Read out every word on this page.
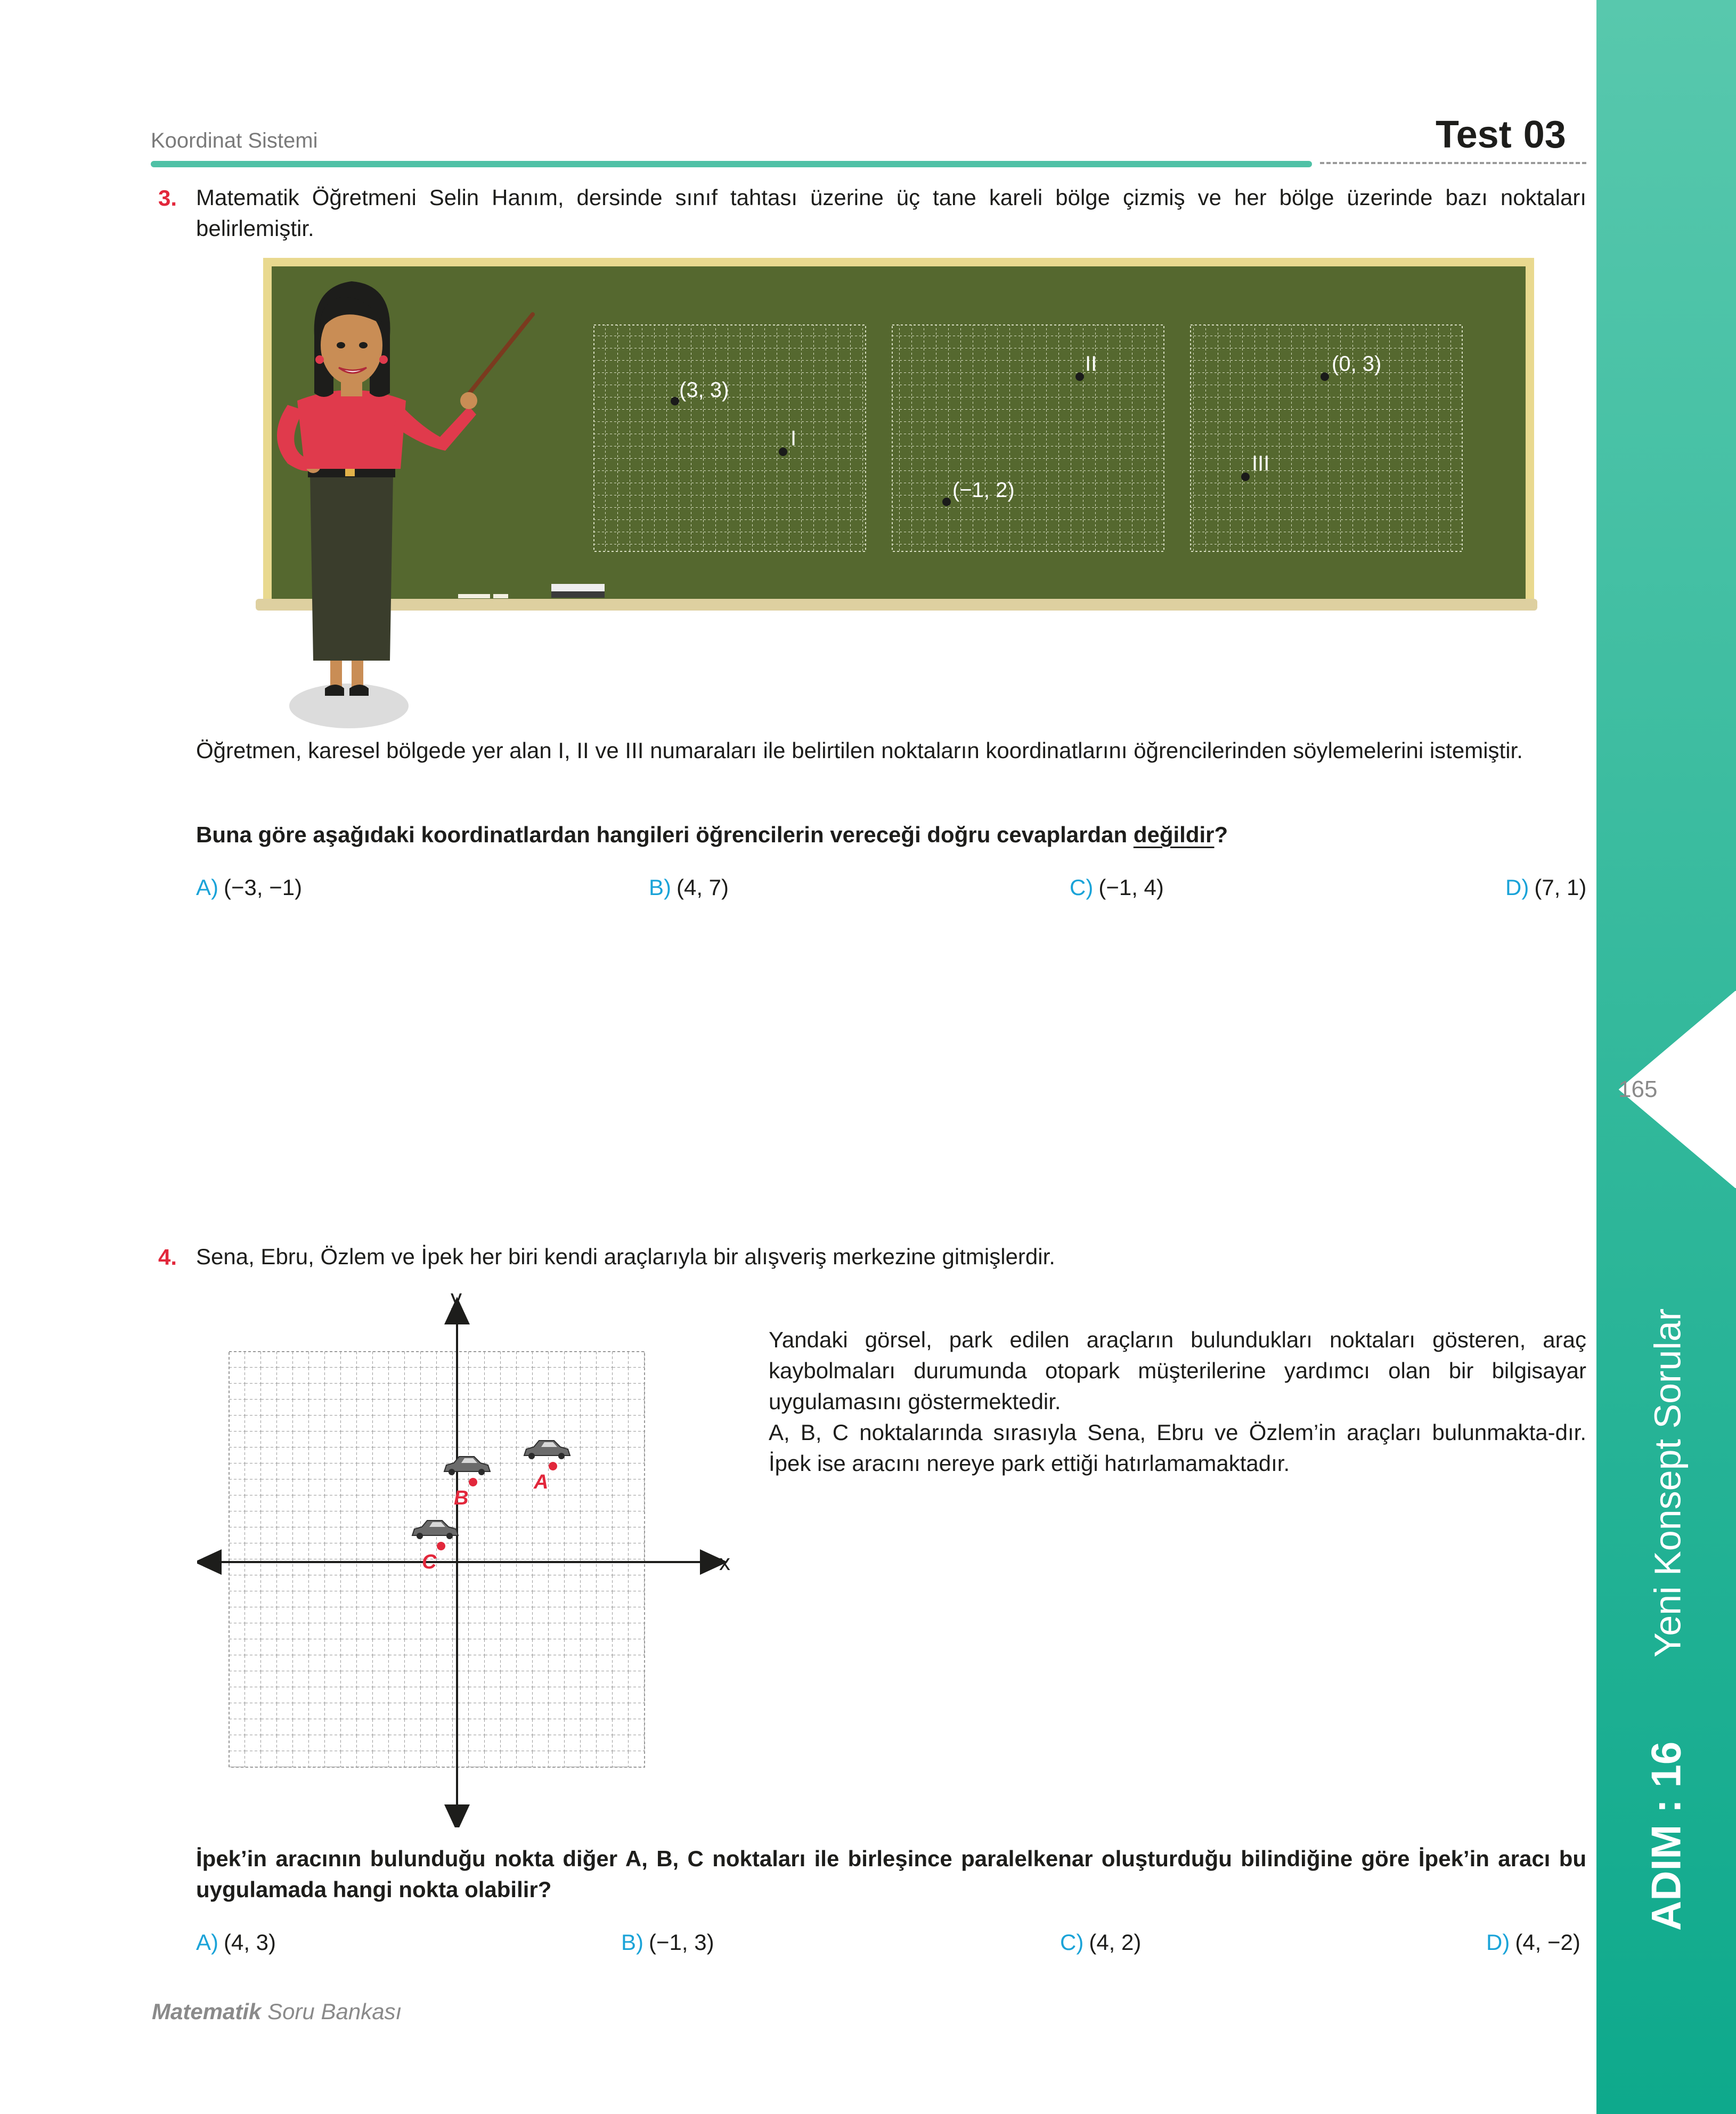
165
ADIM : 16  Yeni Konsept Sorular
Koordinat Sistemi	Test 03
3. Matematik Öğretmeni Selin Hanım, dersinde sınıf tahtası üzerine üç tane kareli bölge çizmiş ve her bölge üzerinde bazı noktaları belirlemiştir.
(3, 3)
I
(−1, 2)
II	(0, 3)
III
Öğretmen, karesel bölgede yer alan I, II ve III numaraları ile belirtilen noktaların koordinatlarını öğrencilerinden söylemelerini istemiştir.
Buna göre aşağıdaki koordinatlardan hangileri öğrencilerin vereceği doğru cevaplardan değildir?
A) (−3, −1)	B) (4, 7)	C) (−1, 4)	D) (7, 1)
4. Sena, Ebru, Özlem ve İpek her biri kendi araçlarıyla bir alışveriş merkezine gitmişlerdir.
x
y
A
B
C
Yandaki görsel, park edilen araçların bulundukları noktaları gösteren, araç kaybolmaları durumunda otopark müşterilerine yardımcı olan bir bilgisayar uygulamasını göstermektedir.
A, B, C noktalarında sırasıyla Sena, Ebru ve Özlem’in araçları bulunmakta-dır. İpek ise aracını nereye park ettiği hatırlamamaktadır.
İpek’in aracının bulunduğu nokta diğer A, B, C noktaları ile birleşince paralelkenar oluşturduğu bilindiğine göre İpek’in aracı bu uygulamada hangi nokta olabilir?
A) (4, 3)	B) (−1, 3)	C) (4, 2)	D) (4, −2)
Matematik Soru Bankası
